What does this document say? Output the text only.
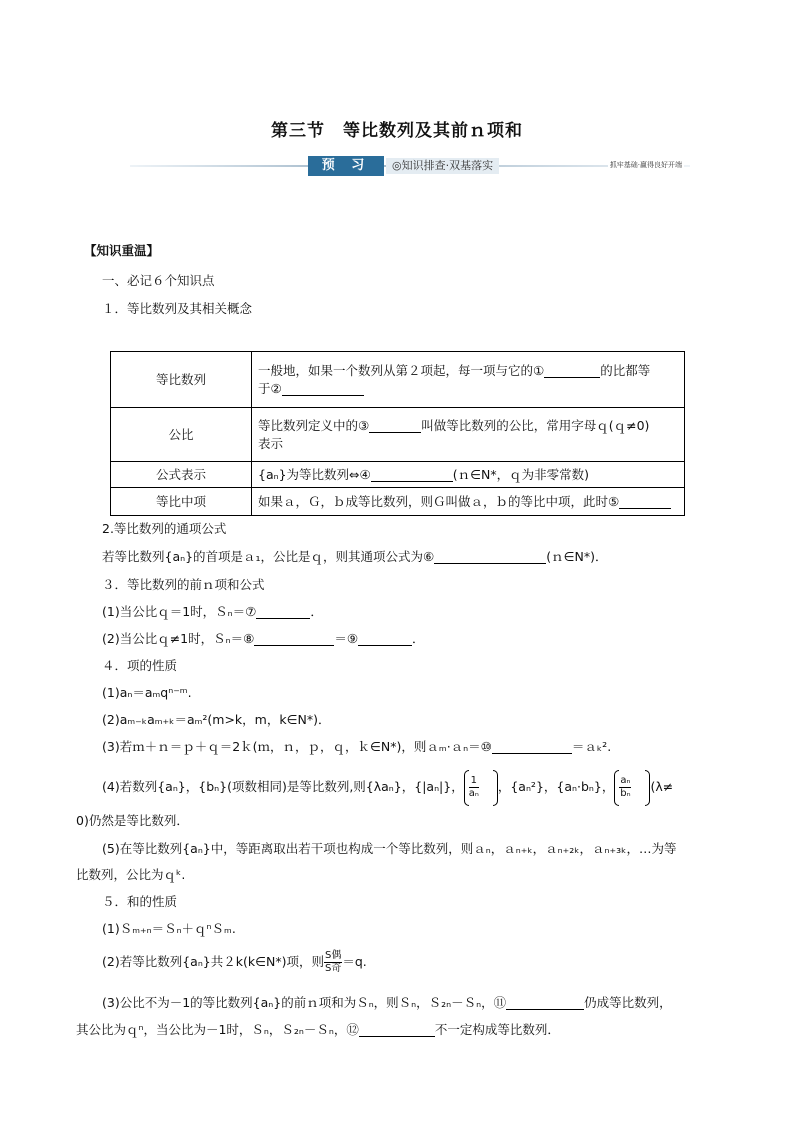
第三节　等比数列及其前ｎ项和
预 习	◎知识排查·双基落实	抓牢基础·赢得良好开端
【知识重温】
一、必记６个知识点
１．等比数列及其相关概念
等比数列	一般地，如果一个数列从第２项起，每一项与它的① 的比都等
于②
公比	等比数列定义中的③ 叫做等比数列的公比，常用字母ｑ(ｑ≠0)
表示
公式表示	{aₙ}为等比数列⇔④ (ｎ∈N*，ｑ为非零常数)
等比中项	如果ａ，Ｇ，ｂ成等比数列，则Ｇ叫做ａ，ｂ的等比中项，此时⑤
2.等比数列的通项公式
若等比数列{aₙ}的首项是ａ₁，公比是ｑ，则其通项公式为⑥	(ｎ∈N*)．
３．等比数列的前ｎ项和公式
(1)当公比ｑ＝1时，Ｓₙ＝⑦	．
(2)当公比ｑ≠1时，Ｓₙ＝⑧	＝⑨	．
４．项的性质
(1)aₙ＝aₘqⁿ⁻ᵐ.
(2)aₘ₋ₖaₘ₊ₖ＝aₘ²(m>k，m，k∈N*)．
(3)若ｍ＋ｎ＝ｐ＋ｑ＝2ｋ(ｍ，ｎ，ｐ，ｑ，ｋ∈N*)，则ａₘ·ａₙ＝⑩	＝ａₖ².
(4)若数列{aₙ}，{bₙ}(项数相同)是等比数列,则{λaₙ}，{|aₙ|}， $\frac{1}{\text{aₙ}}$ ，{aₙ²}，{aₙ·bₙ}， $\frac{\text{aₙ}}{\text{bₙ}} (\lambda\ne$
0)仍然是等比数列．
(5)在等比数列{aₙ}中，等距离取出若干项也构成一个等比数列，则ａₙ，ａₙ₊ₖ，ａₙ₊₂ₖ，ａₙ₊₃ₖ，…为等
比数列，公比为ｑᵏ.
５．和的性质
(1)Ｓₘ₊ₙ＝Ｓₙ＋ｑⁿＳₘ.
(2)若等比数列{aₙ}共２k(k∈N*)项，则 $\frac{\text{S偶}}{\text{S奇}} =q$.
(3)公比不为－1的等比数列{aₙ}的前ｎ项和为Ｓₙ，则Ｓₙ，Ｓ₂ₙ－Ｓₙ，⑪	仍成等比数列，
其公比为ｑⁿ，当公比为－1时，Ｓₙ，Ｓ₂ₙ－Ｓₙ，⑫	不一定构成等比数列．
